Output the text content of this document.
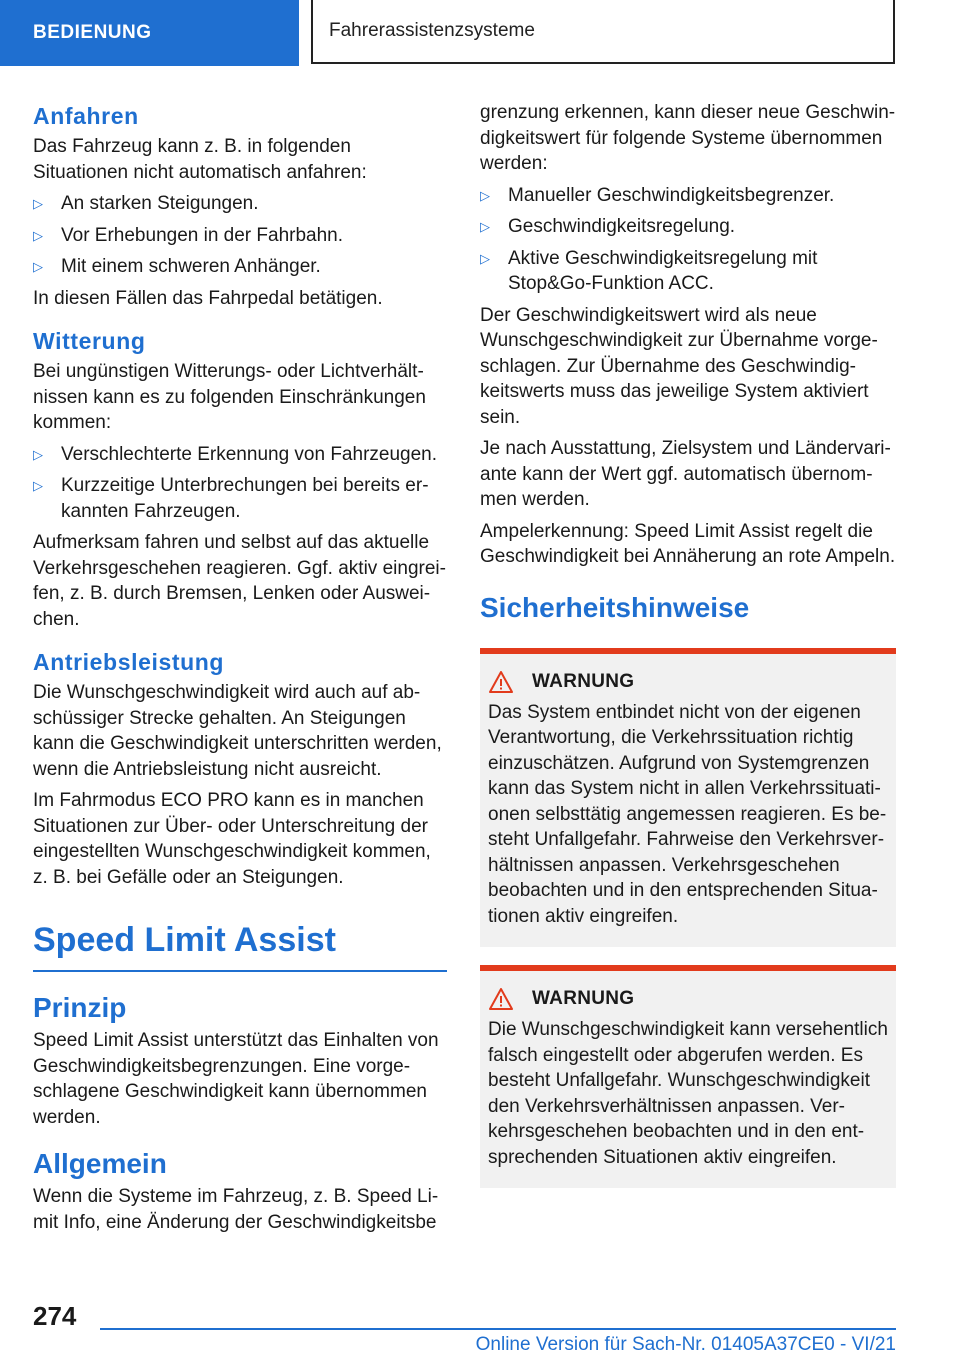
BEDIENUNG	Fahrerassistenzsysteme
Anfahren

Das Fahrzeug kann z. B. in folgenden Situationen nicht automatisch anfahren:

▷ An starken Steigungen.
▷ Vor Erhebungen in der Fahrbahn.
▷ Mit einem schweren Anhänger.

In diesen Fällen das Fahrpedal betätigen.

Witterung

Bei ungünstigen Witterungs- oder Lichtverhältnissen kann es zu folgenden Einschränkungen kommen:

▷ Verschlechterte Erkennung von Fahrzeugen.
▷ Kurzzeitige Unterbrechungen bei bereits erkannten Fahrzeugen.

Aufmerksam fahren und selbst auf das aktuelle Verkehrsgeschehen reagieren. Ggf. aktiv eingreifen, z. B. durch Bremsen, Lenken oder Ausweichen.

Antriebsleistung

Die Wunschgeschwindigkeit wird auch auf abschüssiger Strecke gehalten. An Steigungen kann die Geschwindigkeit unterschritten werden, wenn die Antriebsleistung nicht ausreicht.

Im Fahrmodus ECO PRO kann es in manchen Situationen zur Über- oder Unterschreitung der eingestellten Wunschgeschwindigkeit kommen, z. B. bei Gefälle oder an Steigungen.

Speed Limit Assist
Prinzip

Speed Limit Assist unterstützt das Einhalten von Geschwindigkeitsbegrenzungen. Eine vorgeschlagene Geschwindigkeit kann übernommen werden.

Allgemein

Wenn die Systeme im Fahrzeug, z. B. Speed Limit Info, eine Änderung der Geschwindigkeitsbe

grenzung erkennen, kann dieser neue Geschwindigkeitswert für folgende Systeme übernommen werden:

▷ Manueller Geschwindigkeitsbegrenzer.
▷ Geschwindigkeitsregelung.
▷ Aktive Geschwindigkeitsregelung mit Stop&Go-Funktion ACC.

Der Geschwindigkeitswert wird als neue Wunschgeschwindigkeit zur Übernahme vorgeschlagen. Zur Übernahme des Geschwindigkeitswerts muss das jeweilige System aktiviert sein.

Je nach Ausstattung, Zielsystem und Ländervariante kann der Wert ggf. automatisch übernommen werden.

Ampelerkennung: Speed Limit Assist regelt die Geschwindigkeit bei Annäherung an rote Ampeln.

Sicherheitshinweise
WARNUNG

Das System entbindet nicht von der eigenen Verantwortung, die Verkehrssituation richtig einzuschätzen. Aufgrund von Systemgrenzen kann das System nicht in allen Verkehrssituationen selbsttätig angemessen reagieren. Es besteht Unfallgefahr. Fahrweise den Verkehrsverhältnissen anpassen. Verkehrsgeschehen beobachten und in den entsprechenden Situationen aktiv eingreifen.

WARNUNG

Die Wunschgeschwindigkeit kann versehentlich falsch eingestellt oder abgerufen werden. Es besteht Unfallgefahr. Wunschgeschwindigkeit den Verkehrsverhältnissen anpassen. Verkehrsgeschehen beobachten und in den entsprechenden Situationen aktiv eingreifen.

274
Online Version für Sach-Nr. 01405A37CE0 - VI/21
